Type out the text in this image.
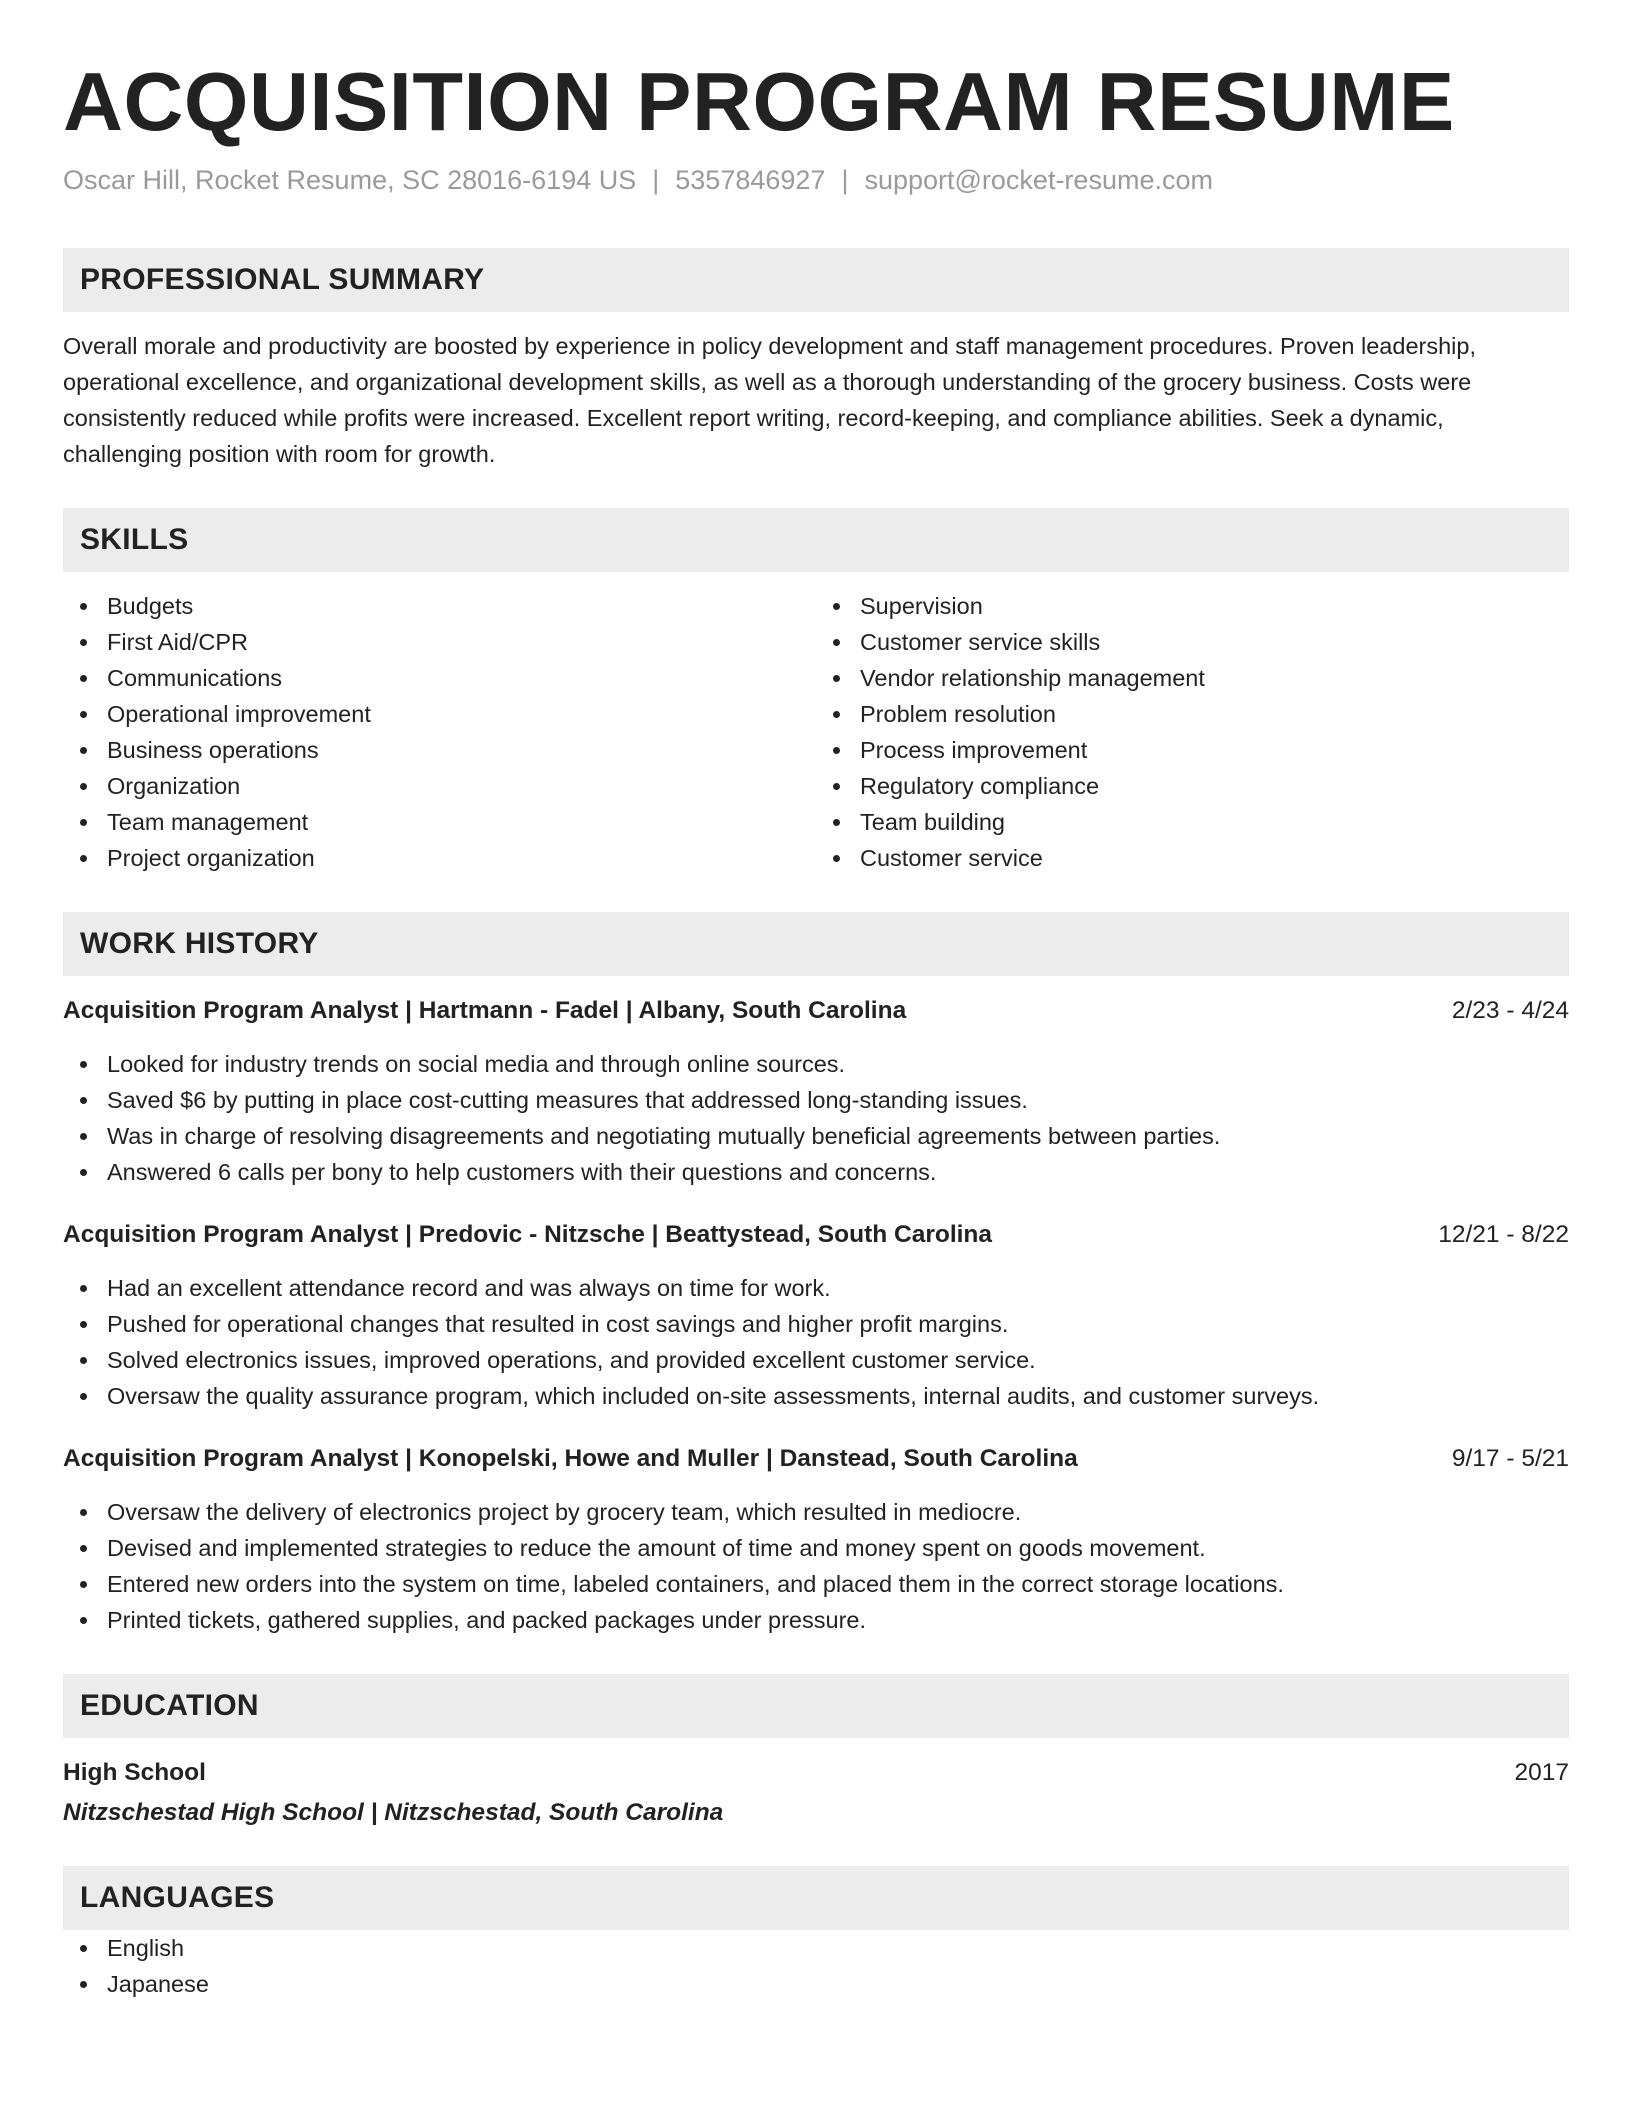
ACQUISITION PROGRAM RESUME
Oscar Hill, Rocket Resume, SC 28016-6194 US | 5357846927 | support@rocket-resume.com
PROFESSIONAL SUMMARY
Overall morale and productivity are boosted by experience in policy development and staff management procedures. Proven leadership, operational excellence, and organizational development skills, as well as a thorough understanding of the grocery business. Costs were consistently reduced while profits were increased. Excellent report writing, record-keeping, and compliance abilities. Seek a dynamic, challenging position with room for growth.
SKILLS
Budgets
First Aid/CPR
Communications
Operational improvement
Business operations
Organization
Team management
Project organization
Supervision
Customer service skills
Vendor relationship management
Problem resolution
Process improvement
Regulatory compliance
Team building
Customer service
WORK HISTORY
Acquisition Program Analyst | Hartmann - Fadel | Albany, South Carolina	2/23 - 4/24
Looked for industry trends on social media and through online sources.
Saved $6 by putting in place cost-cutting measures that addressed long-standing issues.
Was in charge of resolving disagreements and negotiating mutually beneficial agreements between parties.
Answered 6 calls per bony to help customers with their questions and concerns.
Acquisition Program Analyst | Predovic - Nitzsche | Beattystead, South Carolina	12/21 - 8/22
Had an excellent attendance record and was always on time for work.
Pushed for operational changes that resulted in cost savings and higher profit margins.
Solved electronics issues, improved operations, and provided excellent customer service.
Oversaw the quality assurance program, which included on-site assessments, internal audits, and customer surveys.
Acquisition Program Analyst | Konopelski, Howe and Muller | Danstead, South Carolina	9/17 - 5/21
Oversaw the delivery of electronics project by grocery team, which resulted in mediocre.
Devised and implemented strategies to reduce the amount of time and money spent on goods movement.
Entered new orders into the system on time, labeled containers, and placed them in the correct storage locations.
Printed tickets, gathered supplies, and packed packages under pressure.
EDUCATION
High School	2017
Nitzschestad High School | Nitzschestad, South Carolina
LANGUAGES
English
Japanese
